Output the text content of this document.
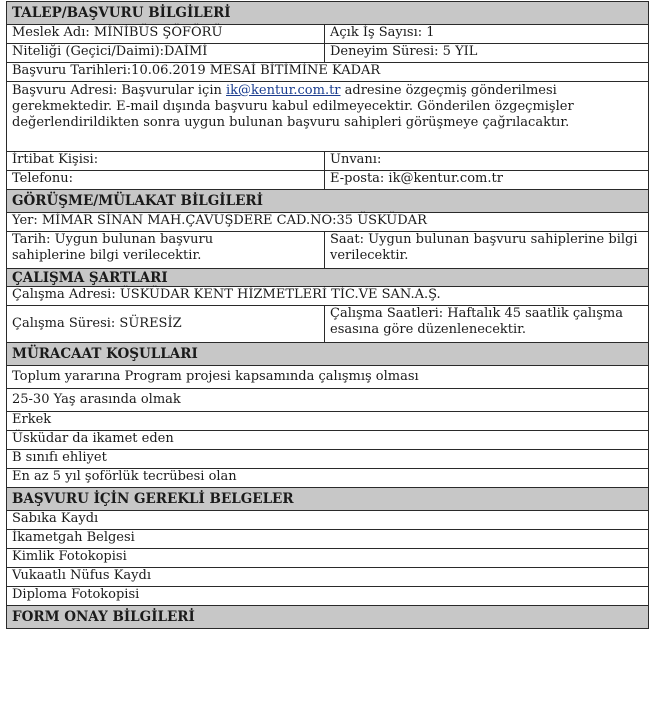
TALEP/BAŞVURU BİLGİLERİ	
Meslek Adı: MİNİBÜS ŞÖFÖRÜ	Açık İş Sayısı: 1
Niteliği (Geçici/Daimi):DAİMİ	Deneyim Süresi: 5 YIL
Başvuru Tarihleri:10.06.2019 MESAİ BİTİMİNE KADAR	
Başvuru Adresi: Başvurular için ik@kentur.com.tr adresine özgeçmiş gönderilmesi gerekmektedir. E-mail dışında başvuru kabul edilmeyecektir. Gönderilen özgeçmişler değerlendirildikten sonra uygun bulunan başvuru sahipleri görüşmeye çağrılacaktır.	
İrtibat Kişisi:	Unvanı:
Telefonu:	E-posta: ik@kentur.com.tr
GÖRÜŞME/MÜLAKAT BİLGİLERİ	
Yer: MİMAR SİNAN MAH.ÇAVUŞDERE CAD.NO:35 ÜSKÜDAR	
Tarih: Uygun bulunan başvuru sahiplerine bilgi verilecektir.	Saat: Uygun bulunan başvuru sahiplerine bilgi verilecektir.
ÇALIŞMA ŞARTLARI	
Çalışma Adresi: ÜSKÜDAR KENT HİZMETLERİ TİC.VE SAN.A.Ş.	
Çalışma Süresi: SÜRESİZ	Çalışma Saatleri: Haftalık 45 saatlik çalışma esasına göre düzenlenecektir.
MÜRACAAT KOŞULLARI	
Toplum yararına Program projesi kapsamında çalışmış olması	
25-30 Yaş arasında olmak	
Erkek	
Üsküdar da ikamet eden	
B sınıfı ehliyet	
En az 5 yıl şoförlük tecrübesi olan	
BAŞVURU İÇİN GEREKLİ BELGELER	
Sabıka Kaydı	
İkametgah Belgesi	
Kimlik Fotokopisi	
Vukaatlı Nüfus Kaydı	
Diploma Fotokopisi	
FORM ONAY BİLGİLERİ	
